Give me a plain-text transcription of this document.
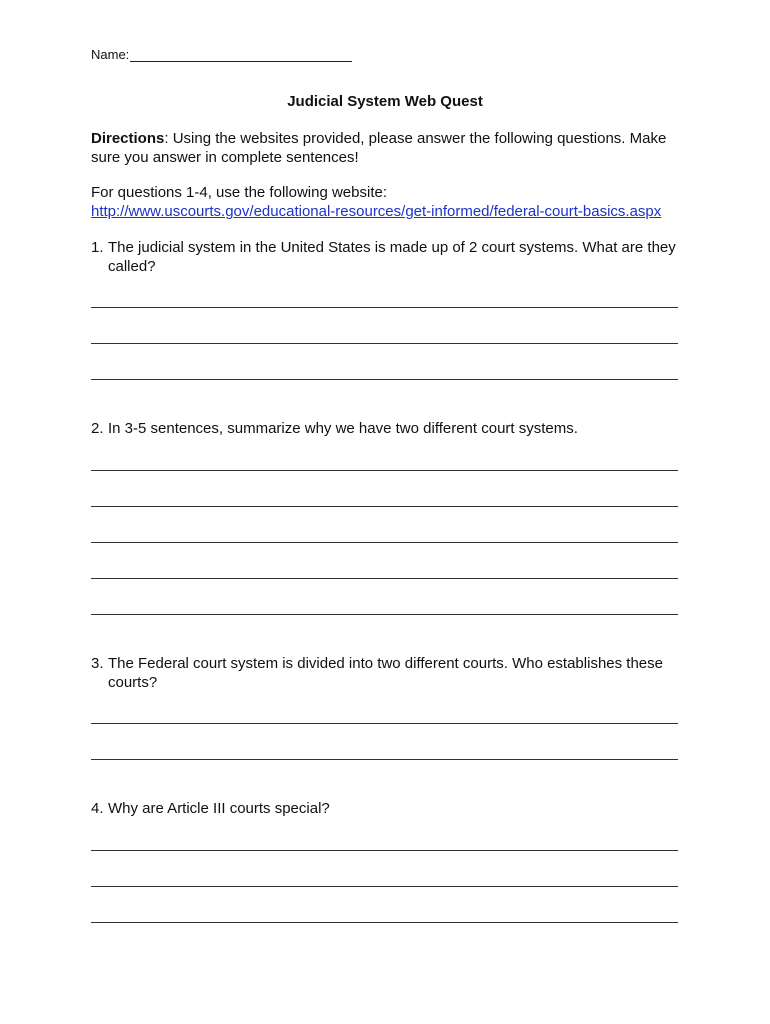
Name:
Judicial System Web Quest
Directions: Using the websites provided, please answer the following questions. Make sure you answer in complete sentences!
For questions 1-4, use the following website:
http://www.uscourts.gov/educational-resources/get-informed/federal-court-basics.aspx
1. The judicial system in the United States is made up of 2 court systems. What are they called?
2. In 3-5 sentences, summarize why we have two different court systems.
3. The Federal court system is divided into two different courts. Who establishes these courts?
4. Why are Article III courts special?
